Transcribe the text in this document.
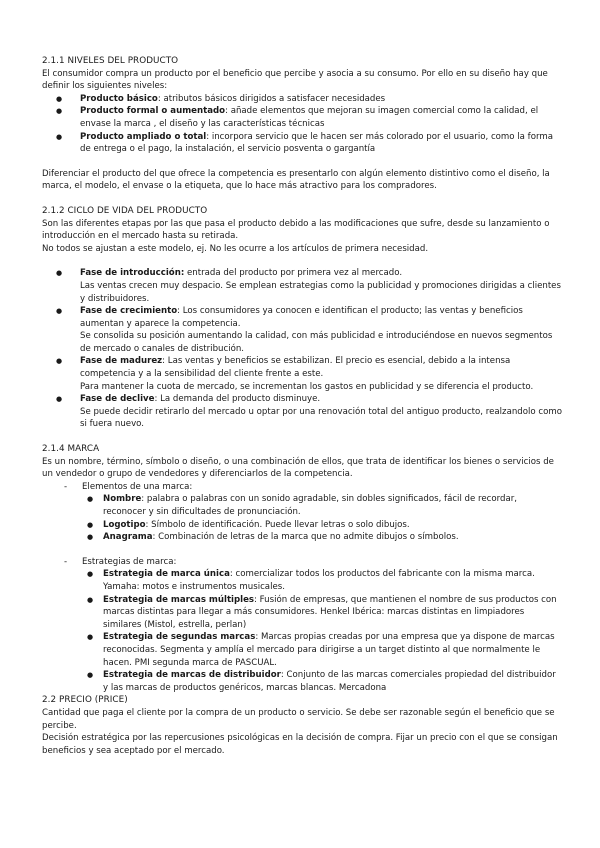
2.1.1 NIVELES DEL PRODUCTO

El consumidor compra un producto por el beneficio que percibe y asocia a su consumo. Por ello en su diseño hay que definir los siguientes niveles:

● Producto básico: atributos básicos dirigidos a satisfacer necesidades
● Producto formal o aumentado: añade elementos que mejoran su imagen comercial como la calidad, el envase la marca , el diseño y las características técnicas
● Producto ampliado o total: incorpora servicio que le hacen ser más colorado por el usuario, como la forma de entrega o el pago, la instalación, el servicio posventa o gargantía

Diferenciar el producto del que ofrece la competencia es presentarlo con algún elemento distintivo como el diseño, la marca, el modelo, el envase o la etiqueta, que lo hace más atractivo para los compradores.

2.1.2 CICLO DE VIDA DEL PRODUCTO

Son las diferentes etapas por las que pasa el producto debido a las modificaciones que sufre, desde su lanzamiento o introducción en el mercado hasta su retirada.

No todos se ajustan a este modelo, ej. No les ocurre a los artículos de primera necesidad.

● Fase de introducción: entrada del producto por primera vez al mercado.
Las ventas crecen muy despacio. Se emplean estrategias como la publicidad y promociones dirigidas a clientes y distribuidores.
● Fase de crecimiento: Los consumidores ya conocen e identifican el producto; las ventas y beneficios aumentan y aparece la competencia.
Se consolida su posición aumentando la calidad, con más publicidad e introduciéndose en nuevos segmentos de mercado o canales de distribución.
● Fase de madurez: Las ventas y beneficios se estabilizan. El precio es esencial, debido a la intensa competencia y a la sensibilidad del cliente frente a este.
Para mantener la cuota de mercado, se incrementan los gastos en publicidad y se diferencia el producto.
● Fase de declive: La demanda del producto disminuye.
Se puede decidir retirarlo del mercado u optar por una renovación total del antiguo producto, realzandolo como si fuera nuevo.
2.1.4 MARCA

Es un nombre, término, símbolo o diseño, o una combinación de ellos, que trata de identificar los bienes o servicios de un vendedor o grupo de vendedores y diferenciarlos de la competencia.

- Elementos de una marca:
● Nombre: palabra o palabras con un sonido agradable, sin dobles significados, fácil de recordar, reconocer y sin dificultades de pronunciación.
● Logotipo: Símbolo de identificación. Puede llevar letras o solo dibujos.
● Anagrama: Combinación de letras de la marca que no admite dibujos o símbolos.
- Estrategias de marca:
● Estrategia de marca única: comercializar todos los productos del fabricante con la misma marca. Yamaha: motos e instrumentos musicales.
● Estrategia de marcas múltiples: Fusión de empresas, que mantienen el nombre de sus productos con marcas distintas para llegar a más consumidores. Henkel Ibérica: marcas distintas en limpiadores similares (Mistol, estrella, perlan)
● Estrategia de segundas marcas: Marcas propias creadas por una empresa que ya dispone de marcas reconocidas. Segmenta y amplía el mercado para dirigirse a un target distinto al que normalmente le hacen. PMI segunda marca de PASCUAL.
● Estrategia de marcas de distribuidor: Conjunto de las marcas comerciales propiedad del distribuidor y las marcas de productos genéricos, marcas blancas. Mercadona
2.2 PRECIO (PRICE)

Cantidad que paga el cliente por la compra de un producto o servicio. Se debe ser razonable según el beneficio que se percibe.

Decisión estratégica por las repercusiones psicológicas en la decisión de compra. Fijar un precio con el que se consigan beneficios y sea aceptado por el mercado.
